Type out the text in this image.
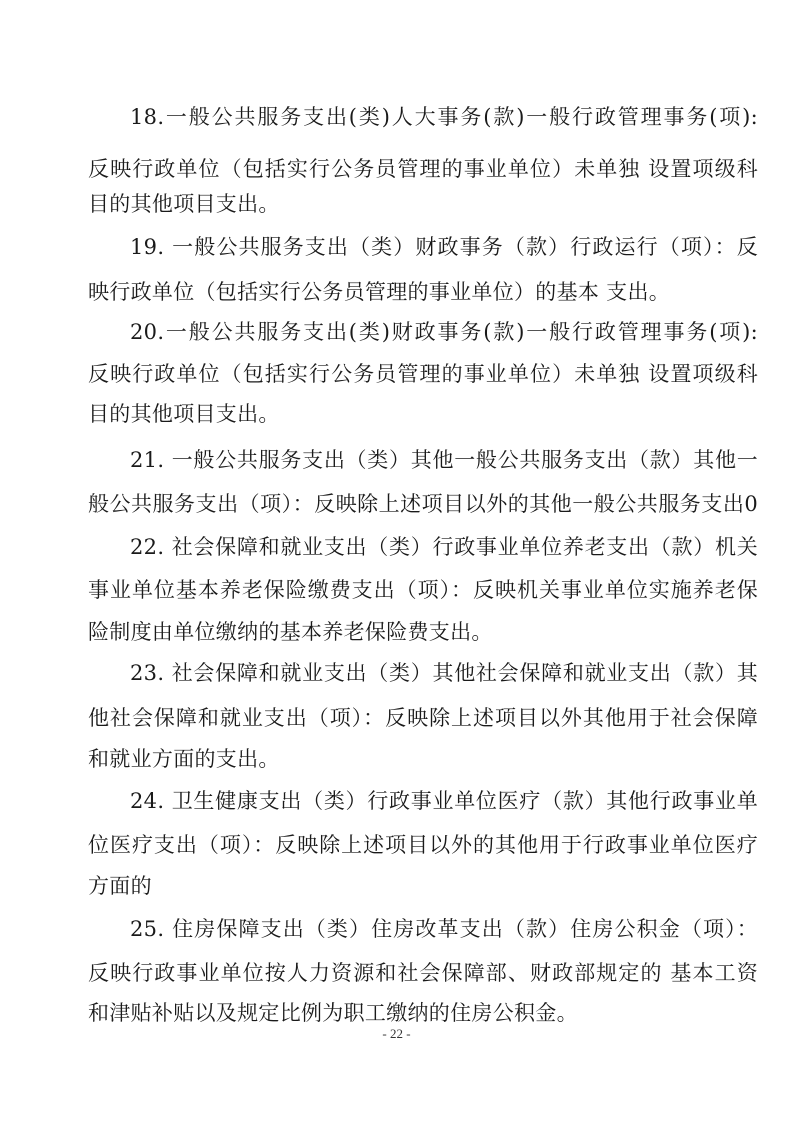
18.一般公共服务支出(类)人大事务(款)一般行政管理事务(项):
反映行政单位（包括实行公务员管理的事业单位）未单独 设置项级科
目的其他项目支出。
19. 一般公共服务支出（类）财政事务（款）行政运行（项）：反
映行政单位（包括实行公务员管理的事业单位）的基本 支出。
20.一般公共服务支出(类)财政事务(款)一般行政管理事务(项):
反映行政单位（包括实行公务员管理的事业单位）未单独 设置项级科
目的其他项目支出。
21. 一般公共服务支出（类）其他一般公共服务支出（款）其他一
般公共服务支出（项）：反映除上述项目以外的其他一般公共服务支出0
22. 社会保障和就业支出（类）行政事业单位养老支出（款）机关
事业单位基本养老保险缴费支出（项）：反映机关事业单位实施养老保
险制度由单位缴纳的基本养老保险费支出。
23. 社会保障和就业支出（类）其他社会保障和就业支出（款）其
他社会保障和就业支出（项）：反映除上述项目以外其他用于社会保障
和就业方面的支出。
24. 卫生健康支出（类）行政事业单位医疗（款）其他行政事业单
位医疗支出（项）：反映除上述项目以外的其他用于行政事业单位医疗
方面的
25. 住房保障支出（类）住房改革支出（款）住房公积金（项）：
反映行政事业单位按人力资源和社会保障部、财政部规定的 基本工资
和津贴补贴以及规定比例为职工缴纳的住房公积金。
- 22 -
